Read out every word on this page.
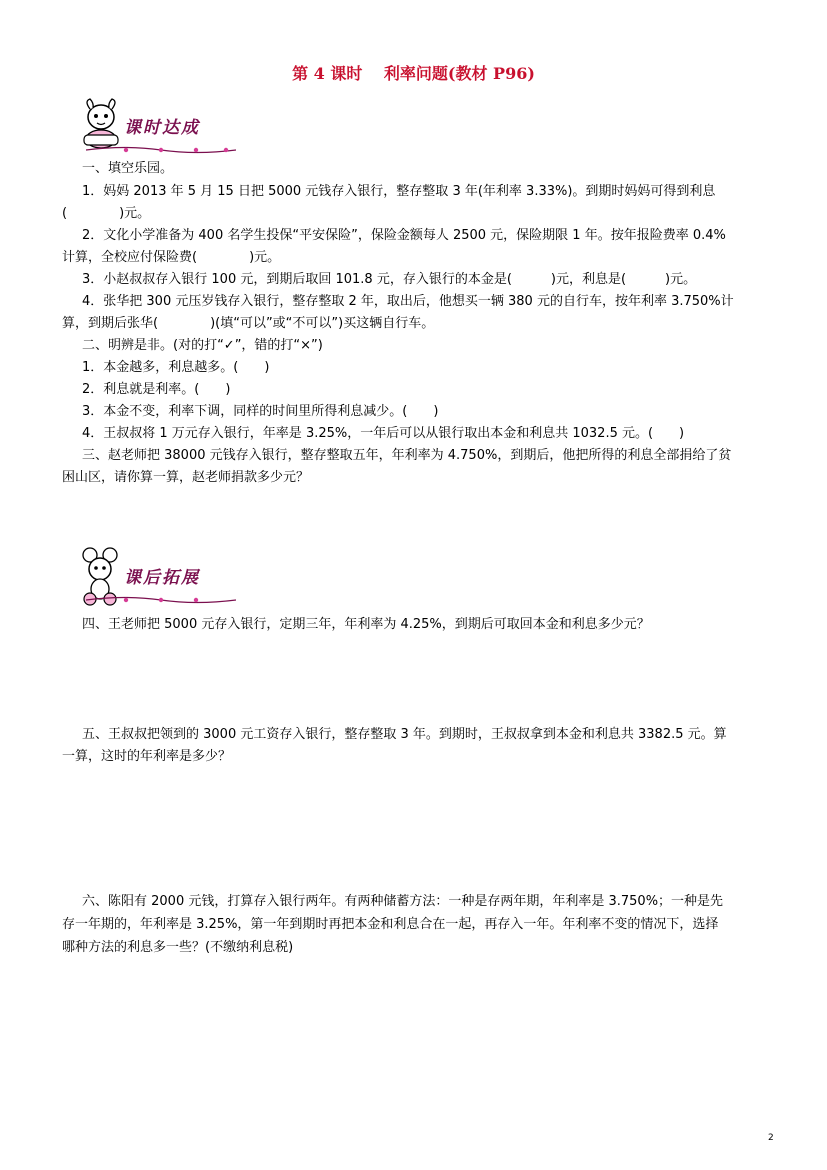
第 4 课时　 利率问题(教材 P96)
课时达成
课后拓展
一、填空乐园。
1．妈妈 2013 年 5 月 15 日把 5000 元钱存入银行，整存整取 3 年(年利率 3.33%)。到期时妈妈可得到利息
(　　　　)元。
2．文化小学准备为 400 名学生投保“平安保险”，保险金额每人 2500 元，保险期限 1 年。按年报险费率 0.4%
计算，全校应付保险费(　　　　)元。
3．小赵叔叔存入银行 100 元，到期后取回 101.8 元，存入银行的本金是(　　　)元，利息是(　　　)元。
4．张华把 300 元压岁钱存入银行，整存整取 2 年，取出后，他想买一辆 380 元的自行车，按年利率 3.750%计
算，到期后张华(　　　　)(填“可以”或“不可以”)买这辆自行车。
二、明辨是非。(对的打“✓”，错的打“×”)
1．本金越多，利息越多。(　　)
2．利息就是利率。(　　)
3．本金不变，利率下调，同样的时间里所得利息减少。(　　)
4．王叔叔将 1 万元存入银行，年率是 3.25%，一年后可以从银行取出本金和利息共 1032.5 元。(　　)
三、赵老师把 38000 元钱存入银行，整存整取五年，年利率为 4.750%，到期后，他把所得的利息全部捐给了贫
困山区，请你算一算，赵老师捐款多少元？
四、王老师把 5000 元存入银行，定期三年，年利率为 4.25%，到期后可取回本金和利息多少元？
五、王叔叔把领到的 3000 元工资存入银行，整存整取 3 年。到期时，王叔叔拿到本金和利息共 3382.5 元。算
一算，这时的年利率是多少？
六、陈阳有 2000 元钱，打算存入银行两年。有两种储蓄方法：一种是存两年期，年利率是 3.750%；一种是先
存一年期的，年利率是 3.25%，第一年到期时再把本金和利息合在一起，再存入一年。年利率不变的情况下，选择
哪种方法的利息多一些？(不缴纳利息税)
2
